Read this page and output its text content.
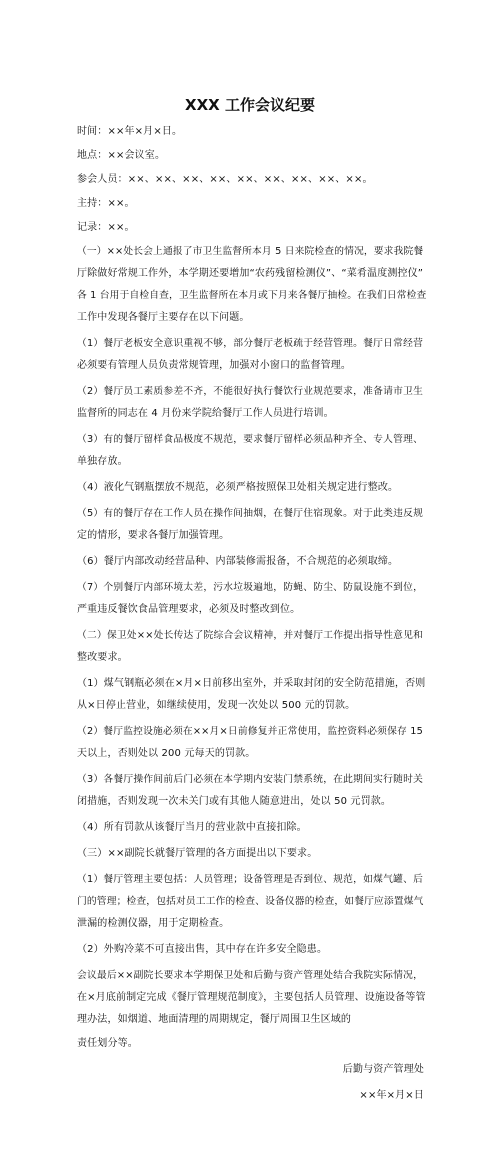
XXX 工作会议纪要
时间：××年×月×日。
地点：××会议室。
参会人员：××、××、××、××、××、××、××、××、××。
主持：××。
记录：××。
（一）××处长会上通报了市卫生监督所本月 5 日来院检查的情况，要求我院餐
厅除做好常规工作外，本学期还要增加“农药残留检测仪”、“菜肴温度测控仪”
各 1 台用于自检自查，卫生监督所在本月或下月来各餐厅抽检。在我们日常检查
工作中发现各餐厅主要存在以下问题。
（1）餐厅老板安全意识重视不够，部分餐厅老板疏于经营管理。餐厅日常经营
必须要有管理人员负责常规管理，加强对小窗口的监督管理。
（2）餐厅员工素质参差不齐，不能很好执行餐饮行业规范要求，准备请市卫生
监督所的同志在 4 月份来学院给餐厅工作人员进行培训。
（3）有的餐厅留样食品极度不规范，要求餐厅留样必须品种齐全、专人管理、
单独存放。
（4）液化气钢瓶摆放不规范，必须严格按照保卫处相关规定进行整改。
（5）有的餐厅存在工作人员在操作间抽烟，在餐厅住宿现象。对于此类违反规
定的情形，要求各餐厅加强管理。
（6）餐厅内部改动经营品种、内部装修需报备，不合规范的必须取缔。
（7）个别餐厅内部环境太差，污水垃圾遍地，防蝇、防尘、防鼠设施不到位，
严重违反餐饮食品管理要求，必须及时整改到位。
（二）保卫处××处长传达了院综合会议精神，并对餐厅工作提出指导性意见和
整改要求。
（1）煤气钢瓶必须在×月×日前移出室外，并采取封闭的安全防范措施，否则
从×日停止营业，如继续使用，发现一次处以 500 元的罚款。
（2）餐厅监控设施必须在××月×日前修复并正常使用，监控资料必须保存 15
天以上，否则处以 200 元每天的罚款。
（3）各餐厅操作间前后门必须在本学期内安装门禁系统，在此期间实行随时关
闭措施，否则发现一次未关门或有其他人随意进出，处以 50 元罚款。
（4）所有罚款从该餐厅当月的营业款中直接扣除。
（三）××副院长就餐厅管理的各方面提出以下要求。
（1）餐厅管理主要包括：人员管理；设备管理是否到位、规范，如煤气罐、后
门的管理；检查，包括对员工工作的检查、设备仪器的检查，如餐厅应添置煤气
泄漏的检测仪器，用于定期检查。
（2）外购冷菜不可直接出售，其中存在许多安全隐患。
会议最后××副院长要求本学期保卫处和后勤与资产管理处结合我院实际情况，
在×月底前制定完成《餐厅管理规范制度》，主要包括人员管理、设施设备等管
理办法，如烟道、地面清理的周期规定，餐厅周围卫生区域的
责任划分等。
后勤与资产管理处
××年×月×日
